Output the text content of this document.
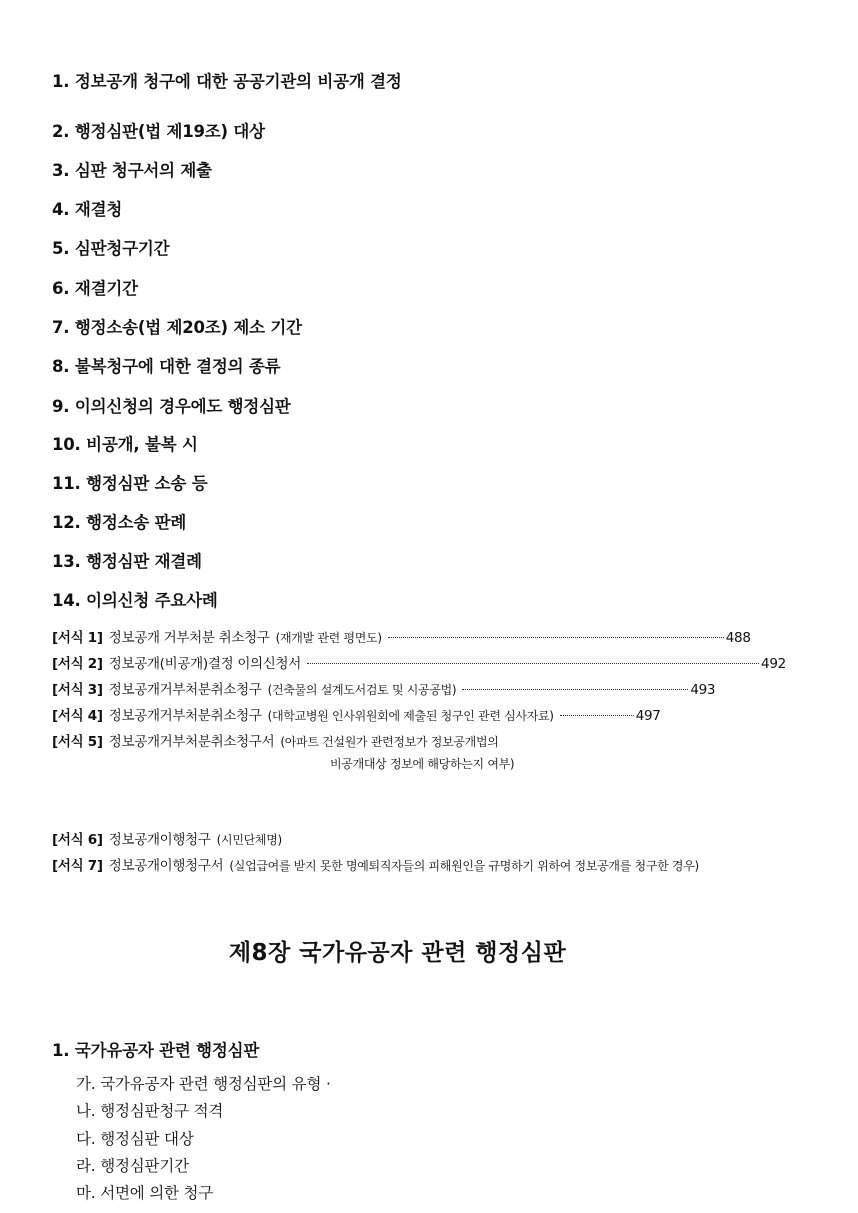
1. 정보공개 청구에 대한 공공기관의 비공개 결정
2. 행정심판(법 제19조) 대상
3. 심판 청구서의 제출
4. 재결청
5. 심판청구기간
6. 재결기간
7. 행정소송(법 제20조) 제소 기간
8. 불복청구에 대한 결정의 종류
9. 이의신청의 경우에도 행정심판
10. 비공개, 불복 시
11. 행정심판 소송 등
12. 행정소송 판례
13. 행정심판 재결례
14. 이의신청 주요사례
[서식 1] 정보공개 거부처분 취소청구 (재개발 관련 평면도)	488
[서식 2] 정보공개(비공개)결정 이의신청서	492
[서식 3] 정보공개거부처분취소청구 (건축물의 설계도서검토 및 시공공법)	493
[서식 4] 정보공개거부처분취소청구 (대학교병원 인사위원회에 제출된 청구인 관련 심사자료)	497
[서식 5] 정보공개거부처분취소청구서 (아파트 건설원가 관련정보가 정보공개법의
비공개대상 정보에 해당하는지 여부)
[서식 6] 정보공개이행청구 (시민단체명)
[서식 7] 정보공개이행청구서 (실업급여를 받지 못한 명예퇴직자들의 피해원인을 규명하기 위하여 정보공개를 청구한 경우)
제8장 국가유공자 관련 행정심판
1. 국가유공자 관련 행정심판
가. 국가유공자 관련 행정심판의 유형 ·
나. 행정심판청구 적격
다. 행정심판 대상
라. 행정심판기간
마. 서면에 의한 청구
